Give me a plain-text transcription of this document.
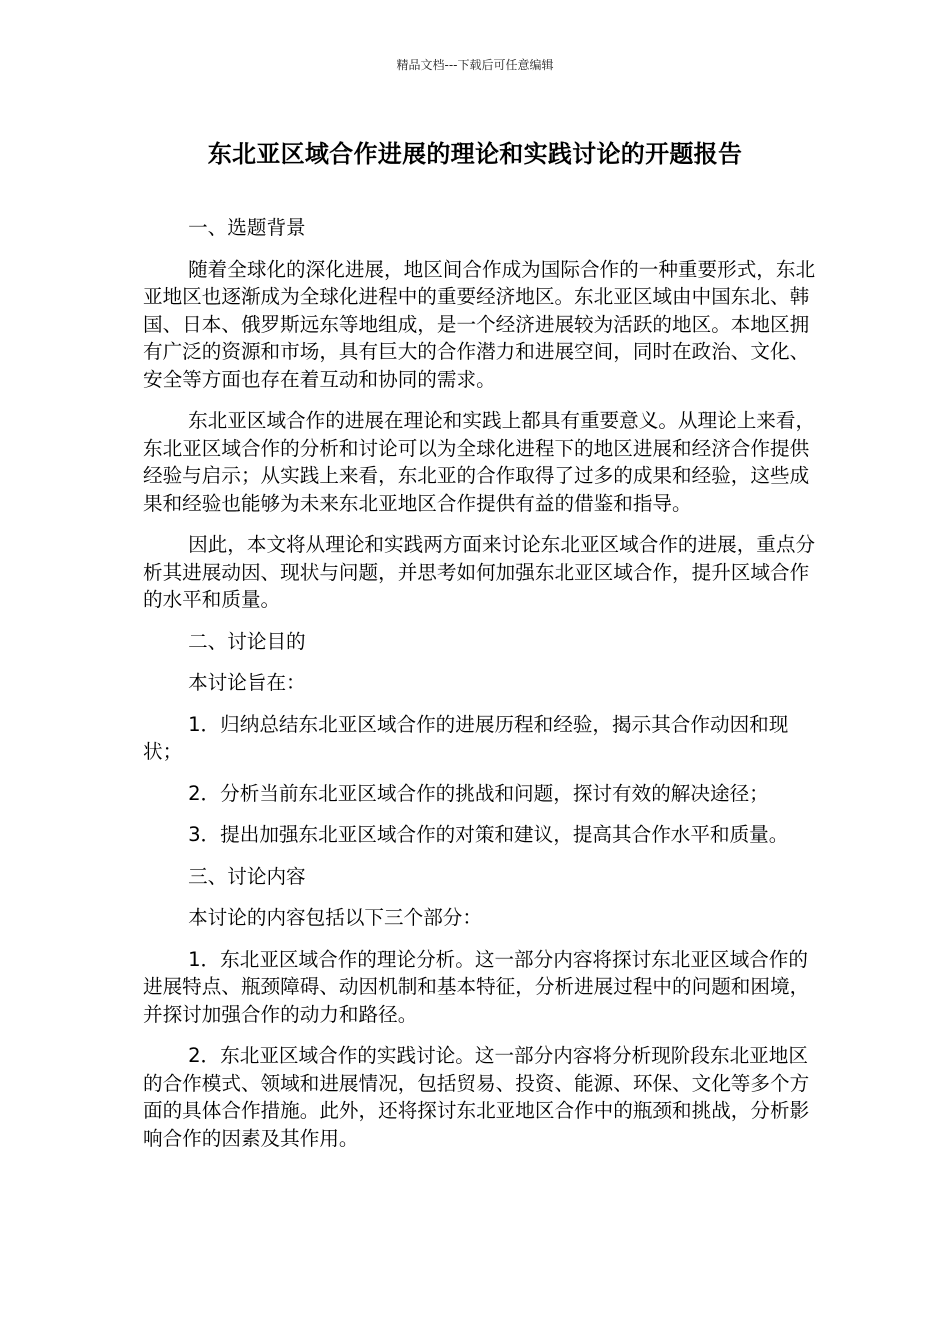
精品文档---下载后可任意编辑
东北亚区域合作进展的理论和实践讨论的开题报告

一、选题背景

随着全球化的深化进展，地区间合作成为国际合作的一种重要形式，东北亚地区也逐渐成为全球化进程中的重要经济地区。东北亚区域由中国东北、韩国、日本、俄罗斯远东等地组成，是一个经济进展较为活跃的地区。本地区拥有广泛的资源和市场，具有巨大的合作潜力和进展空间，同时在政治、文化、安全等方面也存在着互动和协同的需求。

东北亚区域合作的进展在理论和实践上都具有重要意义。从理论上来看，东北亚区域合作的分析和讨论可以为全球化进程下的地区进展和经济合作提供经验与启示；从实践上来看，东北亚的合作取得了过多的成果和经验，这些成果和经验也能够为未来东北亚地区合作提供有益的借鉴和指导。

因此，本文将从理论和实践两方面来讨论东北亚区域合作的进展，重点分析其进展动因、现状与问题，并思考如何加强东北亚区域合作，提升区域合作的水平和质量。

二、讨论目的

本讨论旨在：

1．归纳总结东北亚区域合作的进展历程和经验，揭示其合作动因和现状；

2．分析当前东北亚区域合作的挑战和问题，探讨有效的解决途径；

3．提出加强东北亚区域合作的对策和建议，提高其合作水平和质量。

三、讨论内容

本讨论的内容包括以下三个部分：

1．东北亚区域合作的理论分析。这一部分内容将探讨东北亚区域合作的进展特点、瓶颈障碍、动因机制和基本特征，分析进展过程中的问题和困境，并探讨加强合作的动力和路径。

2．东北亚区域合作的实践讨论。这一部分内容将分析现阶段东北亚地区的合作模式、领域和进展情况，包括贸易、投资、能源、环保、文化等多个方面的具体合作措施。此外，还将探讨东北亚地区合作中的瓶颈和挑战，分析影响合作的因素及其作用。
